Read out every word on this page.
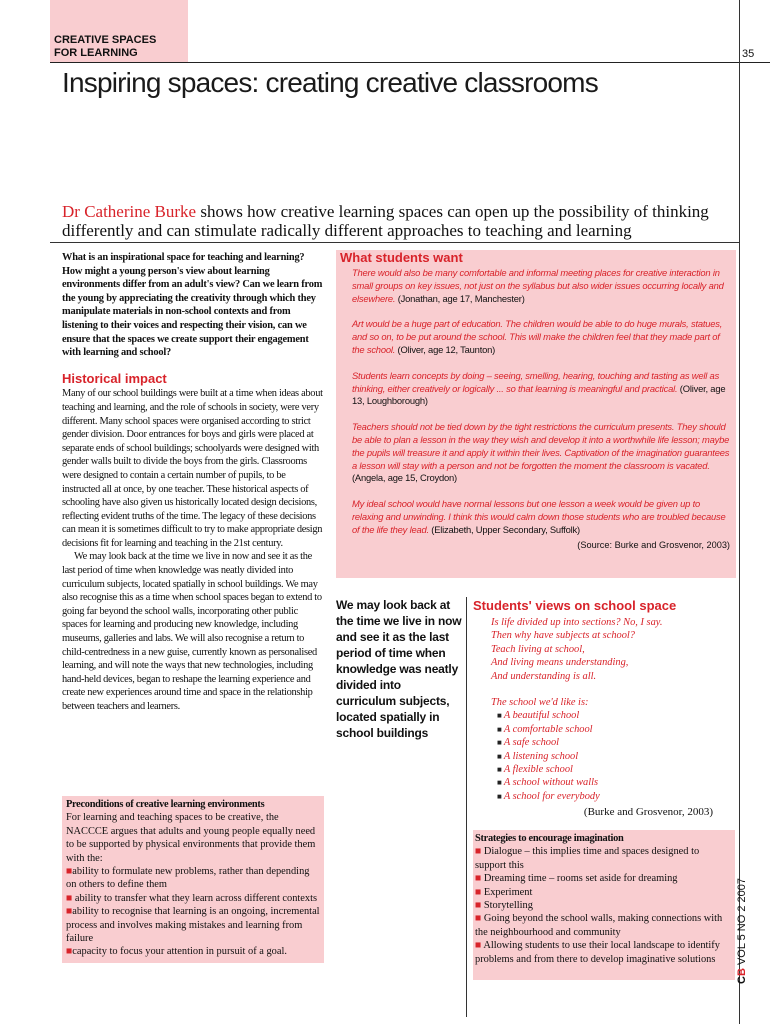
CREATIVE SPACES
FOR LEARNING	35
Inspiring spaces: creating creative classrooms
Dr Catherine Burke shows how creative learning spaces can open up the possibility of thinking differently and can stimulate radically different approaches to teaching and learning

What is an inspirational space for teaching and learning? How might a young person's view about learning environments differ from an adult's view? Can we learn from the young by appreciating the creativity through which they manipulate materials in non-school contexts and from listening to their voices and respecting their vision, can we ensure that the spaces we create support their engagement with learning and school?

Historical impact

Many of our school buildings were built at a time when ideas about teaching and learning, and the role of schools in society, were very different. Many school spaces were organised according to strict gender division. Door entrances for boys and girls were placed at separate ends of school buildings; schoolyards were designed with gender walls built to divide the boys from the girls. Classrooms were designed to contain a certain number of pupils, to be instructed all at once, by one teacher. These historical aspects of schooling have also given us historically located design decisions, reflecting evident truths of the time. The legacy of these decisions can mean it is sometimes difficult to try to make appropriate design decisions fit for learning and teaching in the 21st century.

We may look back at the time we live in now and see it as the last period of time when knowledge was neatly divided into curriculum subjects, located spatially in school buildings. We may also recognise this as a time when school spaces began to extend to going far beyond the school walls, incorporating other public spaces for learning and producing new knowledge, including museums, galleries and labs. We will also recognise a return to child-centredness in a new guise, currently known as personalised learning, and will note the ways that new technologies, including hand-held devices, began to reshape the learning experience and create new experiences around time and space in the relationship between teachers and learners.

Preconditions of creative learning environments
For learning and teaching spaces to be creative, the NACCCE argues that adults and young people equally need to be supported by physical environments that provide them with the:
■ability to formulate new problems, rather than depending on others to define them
■ ability to transfer what they learn across different contexts
■ability to recognise that learning is an ongoing, incremental process and involves making mistakes and learning from failure
■capacity to focus your attention in pursuit of a goal.
What students want
There would also be many comfortable and informal meeting places for creative interaction in small groups on key issues, not just on the syllabus but also wider issues occurring locally and elsewhere. (Jonathan, age 17, Manchester)
Art would be a huge part of education. The children would be able to do huge murals, statues, and so on, to be put around the school. This will make the children feel that they made part of the school. (Oliver, age 12, Taunton)
Students learn concepts by doing – seeing, smelling, hearing, touching and tasting as well as thinking, either creatively or logically ... so that learning is meaningful and practical. (Oliver, age 13, Loughborough)
Teachers should not be tied down by the tight restrictions the curriculum presents. They should be able to plan a lesson in the way they wish and develop it into a worthwhile life lesson; maybe the pupils will treasure it and apply it within their lives. Captivation of the imagination guarantees a lesson will stay with a person and not be forgotten the moment the classroom is vacated. (Angela, age 15, Croydon)
My ideal school would have normal lessons but one lesson a week would be given up to relaxing and unwinding. I think this would calm down those students who are troubled because of the life they lead. (Elizabeth, Upper Secondary, Suffolk)
(Source: Burke and Grosvenor, 2003)
We may look back at the time we live in now and see it as the last period of time when knowledge was neatly divided into curriculum subjects, located spatially in school buildings
Students' views on school space
Is life divided up into sections? No, I say.
Then why have subjects at school?
Teach living at school,
And living means understanding,
And understanding is all.
The school we'd like is:
■ A beautiful school
■ A comfortable school
■ A safe school
■ A listening school
■ A flexible school
■ A school without walls
■ A school for everybody
(Burke and Grosvenor, 2003)
Strategies to encourage imagination
■ Dialogue – this implies time and spaces designed to support this
■ Dreaming time – rooms set aside for dreaming
■ Experiment
■ Storytelling
■ Going beyond the school walls, making connections with the neighbourhood and community
■ Allowing students to use their local landscape to identify problems and from there to develop imaginative solutions
CB VOL 5 NO 2 2007
